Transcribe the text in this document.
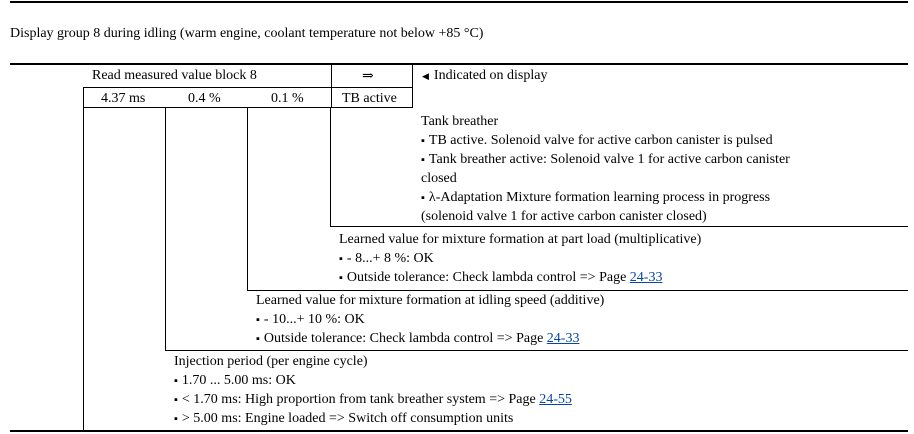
Display group 8 during idling (warm engine, coolant temperature not below +85 °C)
Read measured value block 8	⇒	◀ Indicated on display
4.37 ms	0.4 %	0.1 %	TB active
Tank breather
▪ TB active. Solenoid valve for active carbon canister is pulsed
▪ Tank breather active: Solenoid valve 1 for active carbon canister
closed
▪ λ-Adaptation Mixture formation learning process in progress
(solenoid valve 1 for active carbon canister closed)
Learned value for mixture formation at part load (multiplicative)
▪ - 8...+ 8 %: OK
▪ Outside tolerance: Check lambda control => Page 24-33
Learned value for mixture formation at idling speed (additive)
▪ - 10...+ 10 %: OK
▪ Outside tolerance: Check lambda control => Page 24-33
Injection period (per engine cycle)
▪ 1.70 ... 5.00 ms: OK
▪ < 1.70 ms: High proportion from tank breather system => Page 24-55
▪ > 5.00 ms: Engine loaded => Switch off consumption units
